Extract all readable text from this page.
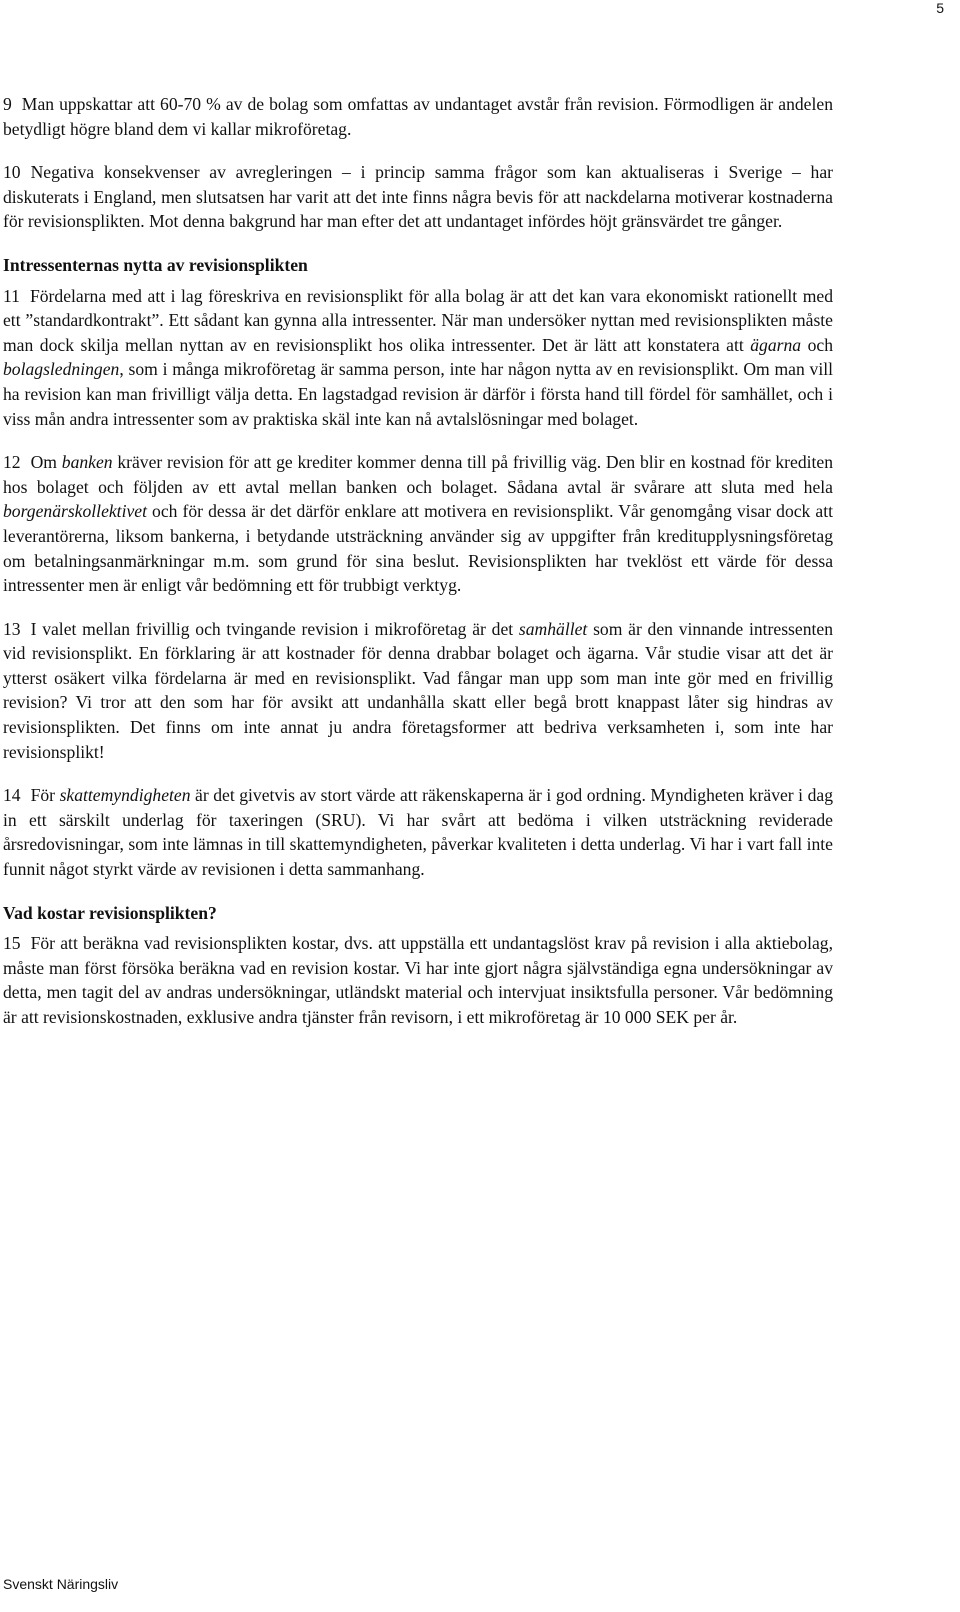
5

9 Man uppskattar att 60-70 % av de bolag som omfattas av undantaget avstår från revision. Förmodligen är andelen betydligt högre bland dem vi kallar mikroföretag.

10 Negativa konsekvenser av avregleringen – i princip samma frågor som kan aktualiseras i Sverige – har diskuterats i England, men slutsatsen har varit att det inte finns några bevis för att nackdelarna motiverar kostnaderna för revisionsplikten. Mot denna bakgrund har man efter det att undantaget infördes höjt gränsvärdet tre gånger.

Intressenternas nytta av revisionsplikten

11 Fördelarna med att i lag föreskriva en revisionsplikt för alla bolag är att det kan vara ekonomiskt rationellt med ett ”standardkontrakt”. Ett sådant kan gynna alla intressenter. När man undersöker nyttan med revisionsplikten måste man dock skilja mellan nyttan av en revisionsplikt hos olika intressenter. Det är lätt att konstatera att ägarna och bolagsledningen, som i många mikroföretag är samma person, inte har någon nytta av en revisionsplikt. Om man vill ha revision kan man frivilligt välja detta. En lagstadgad revision är därför i första hand till fördel för samhället, och i viss mån andra intressenter som av praktiska skäl inte kan nå avtalslösningar med bolaget.

12 Om banken kräver revision för att ge krediter kommer denna till på frivillig väg. Den blir en kostnad för krediten hos bolaget och följden av ett avtal mellan banken och bolaget. Sådana avtal är svårare att sluta med hela borgenärskollektivet och för dessa är det därför enklare att motivera en revisionsplikt. Vår genomgång visar dock att leverantörerna, liksom bankerna, i betydande utsträckning använder sig av uppgifter från kreditupplysningsföretag om betalningsanmärkningar m.m. som grund för sina beslut. Revisionsplikten har tveklöst ett värde för dessa intressenter men är enligt vår bedömning ett för trubbigt verktyg.

13 I valet mellan frivillig och tvingande revision i mikroföretag är det samhället som är den vinnande intressenten vid revisionsplikt. En förklaring är att kostnader för denna drabbar bolaget och ägarna. Vår studie visar att det är ytterst osäkert vilka fördelarna är med en revisionsplikt. Vad fångar man upp som man inte gör med en frivillig revision? Vi tror att den som har för avsikt att undanhålla skatt eller begå brott knappast låter sig hindras av revisionsplikten. Det finns om inte annat ju andra företagsformer att bedriva verksamheten i, som inte har revisionsplikt!

14 För skattemyndigheten är det givetvis av stort värde att räkenskaperna är i god ordning. Myndigheten kräver i dag in ett särskilt underlag för taxeringen (SRU). Vi har svårt att bedöma i vilken utsträckning reviderade årsredovisningar, som inte lämnas in till skattemyndigheten, påverkar kvaliteten i detta underlag. Vi har i vart fall inte funnit något styrkt värde av revisionen i detta sammanhang.

Vad kostar revisionsplikten?

15 För att beräkna vad revisionsplikten kostar, dvs. att uppställa ett undantagslöst krav på revision i alla aktiebolag, måste man först försöka beräkna vad en revision kostar. Vi har inte gjort några självständiga egna undersökningar av detta, men tagit del av andras undersökningar, utländskt material och intervjuat insiktsfulla personer. Vår bedömning är att revisionskostnaden, exklusive andra tjänster från revisorn, i ett mikroföretag är 10 000 SEK per år.

Svenskt Näringsliv
